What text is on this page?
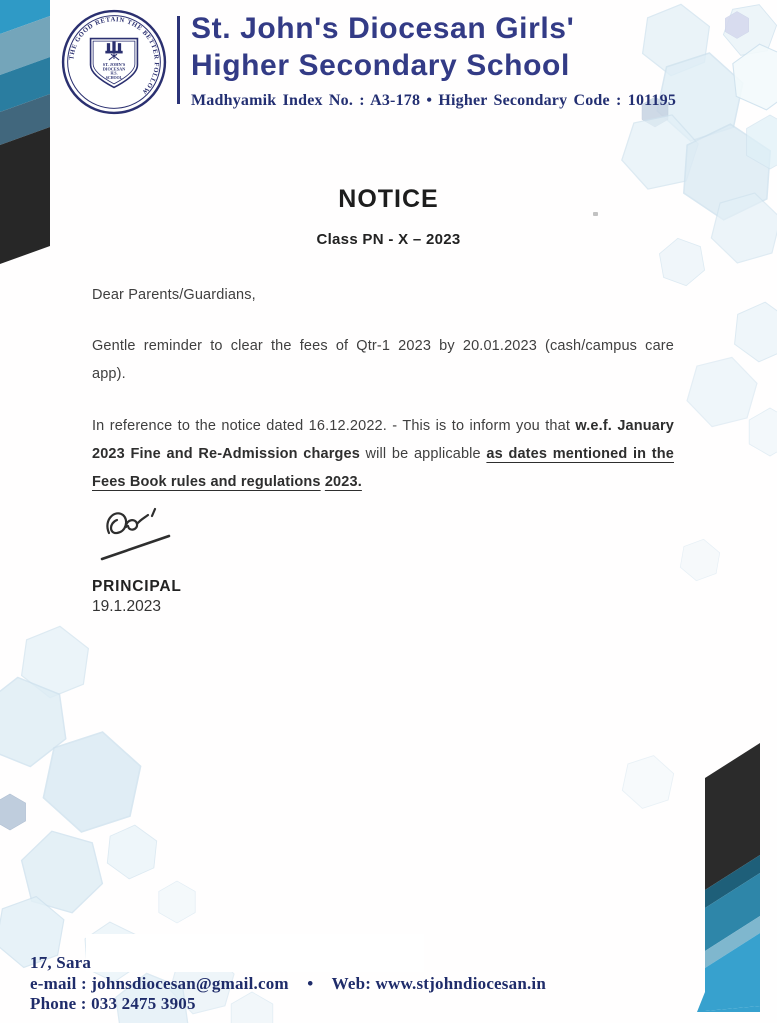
THE GOOD RETAIN THE BETTER FOLLOW
ST. JOHN'S
DIOCESAN
H.S.
SCHOOL
St. John's Diocesan Girls'
Higher Secondary School
Madhyamik Index No. : A3-178 • Higher Secondary Code : 101195
NOTICE
Class PN - X – 2023
Dear Parents/Guardians,
Gentle reminder to clear the fees of Qtr-1 2023 by 20.01.2023 (cash/campus care
app).
In reference to the notice dated 16.12.2022. - This is to inform you that w.e.f. January
2023 Fine and Re-Admission charges will be applicable as dates mentioned in the
Fees Book rules and regulations 2023.
PRINCIPAL
19.1.2023
17, Sara
e-mail : johnsdiocesan@gmail.com • Web: www.stjohndiocesan.in
Phone : 033 2475 3905
